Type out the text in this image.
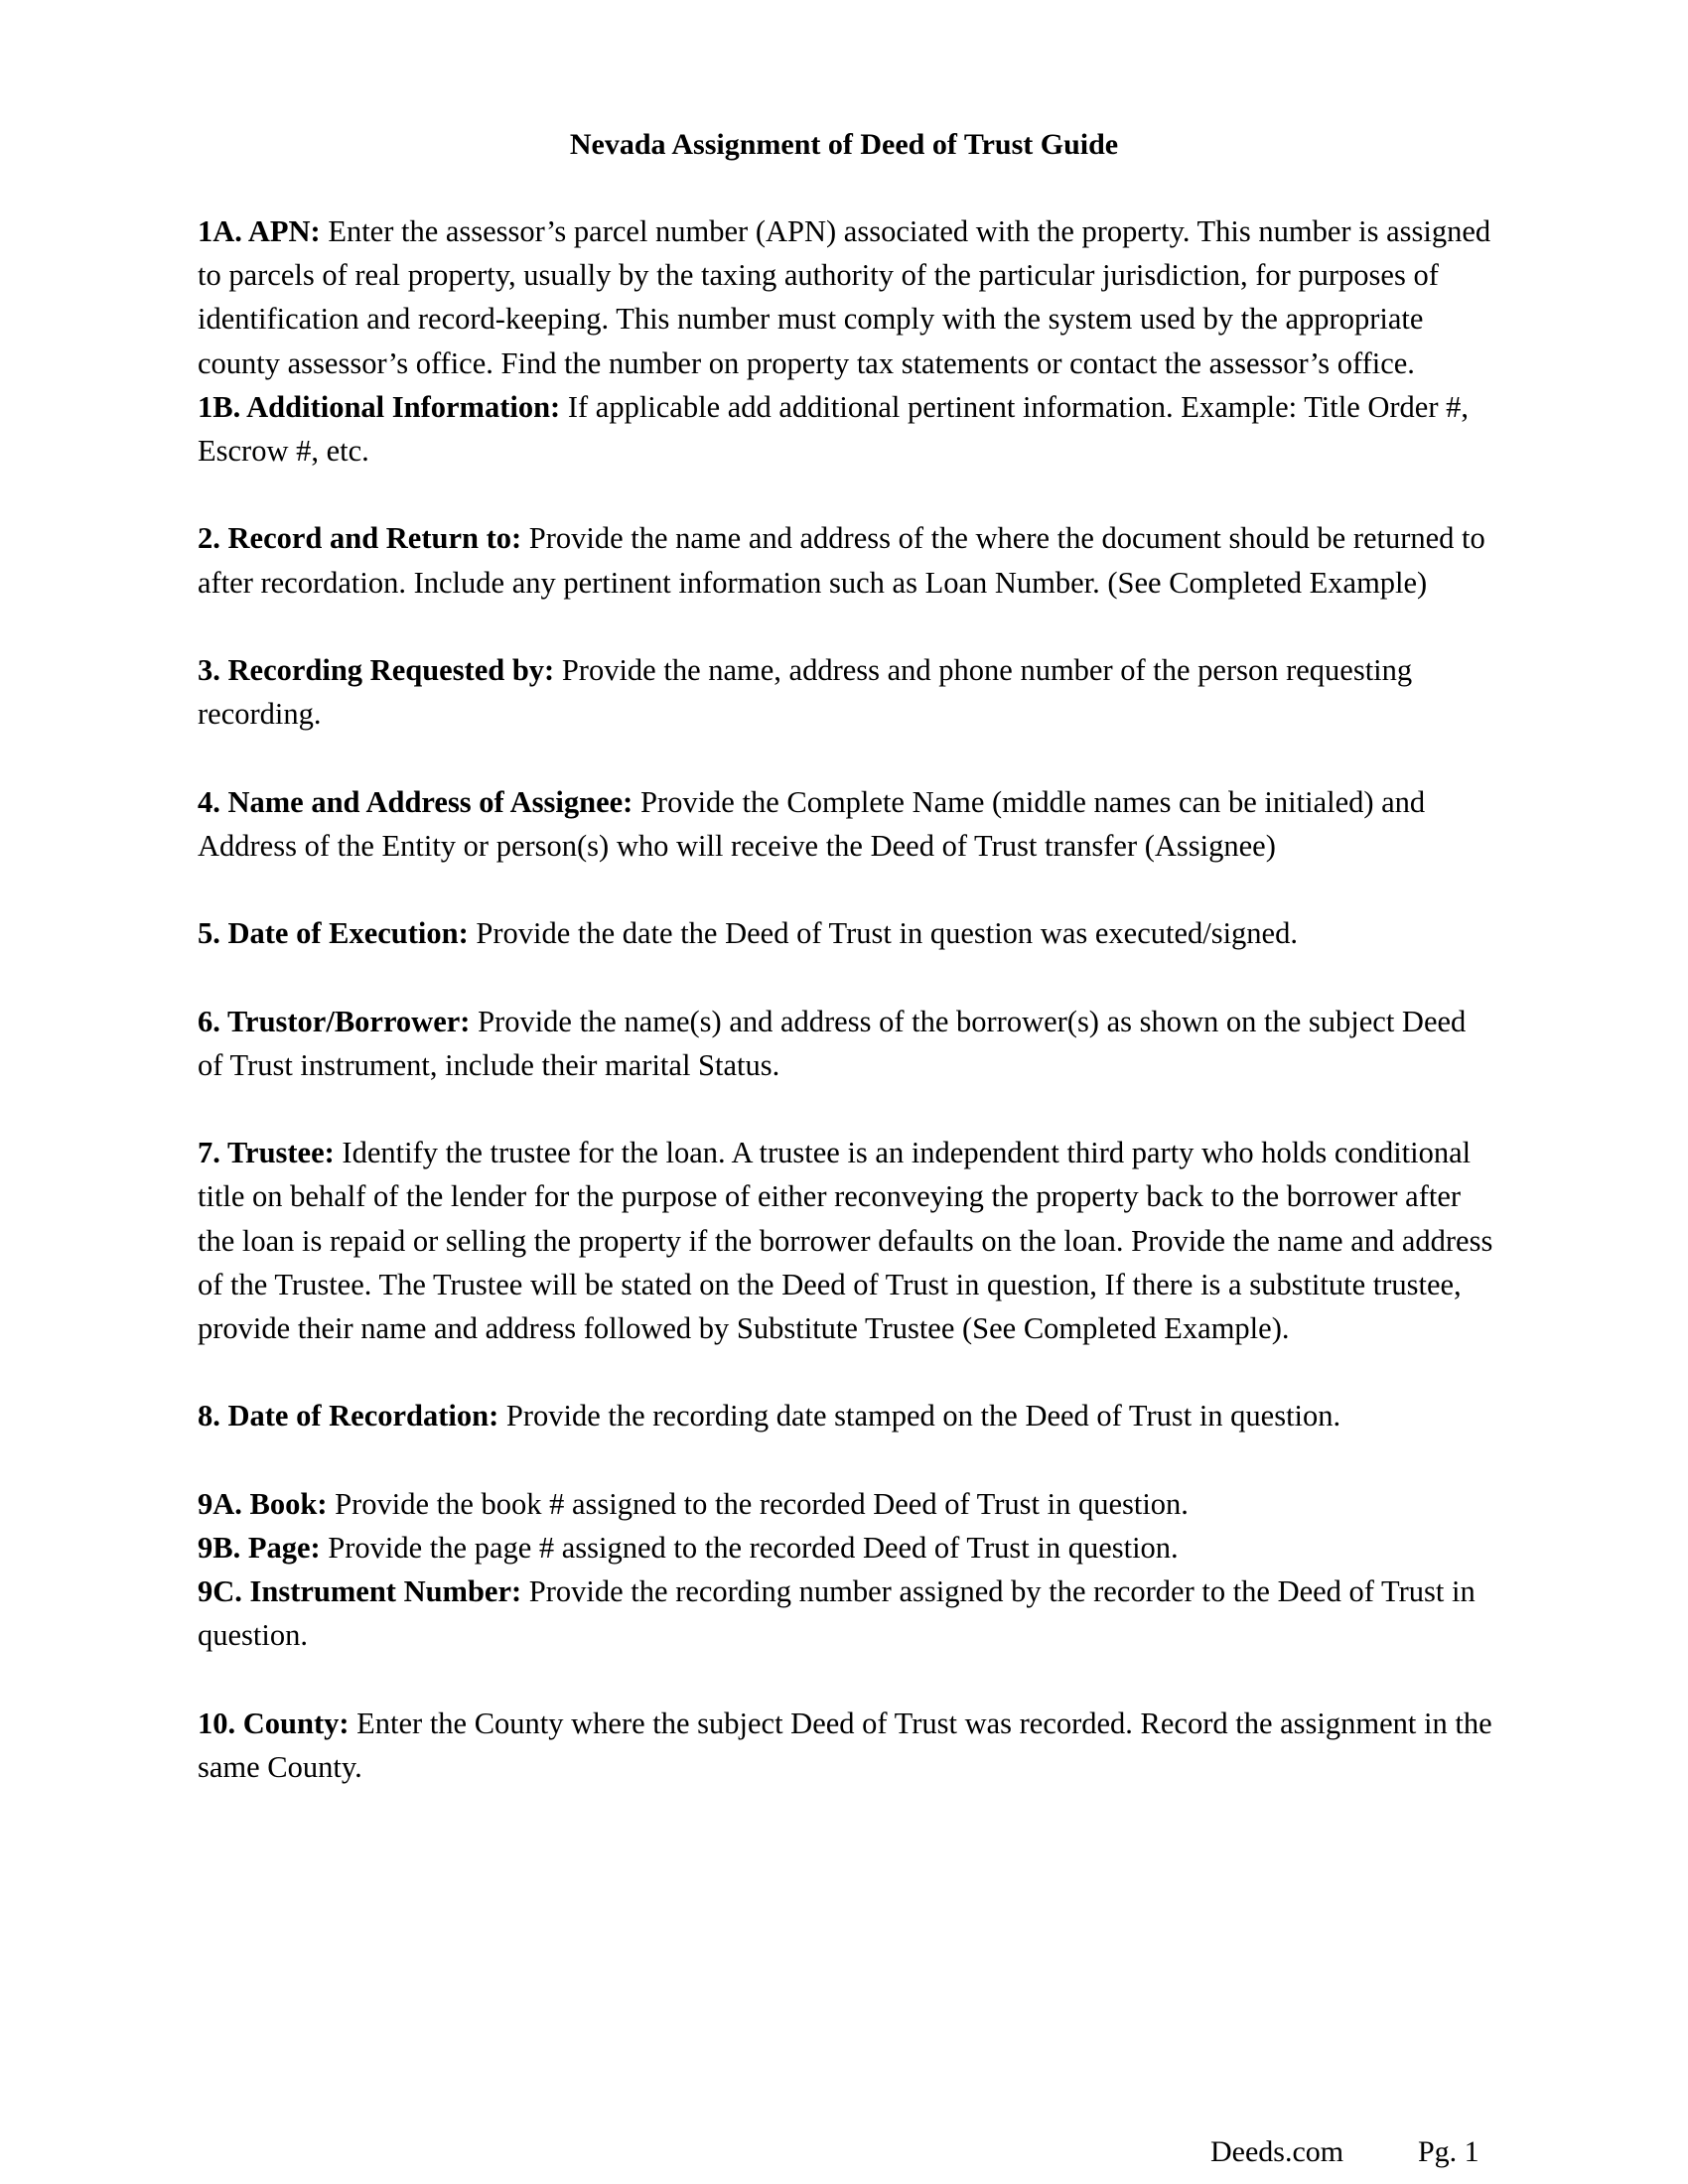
Nevada Assignment of Deed of Trust Guide

1A. APN: Enter the assessor’s parcel number (APN) associated with the property. This number is assigned to parcels of real property, usually by the taxing authority of the particular jurisdiction, for purposes of identification and record-keeping. This number must comply with the system used by the appropriate county assessor’s office. Find the number on property tax statements or contact the assessor’s office.

1B. Additional Information: If applicable add additional pertinent information. Example: Title Order #, Escrow #, etc.

2. Record and Return to: Provide the name and address of the where the document should be returned to after recordation. Include any pertinent information such as Loan Number. (See Completed Example)

3. Recording Requested by: Provide the name, address and phone number of the person requesting recording.

4. Name and Address of Assignee: Provide the Complete Name (middle names can be initialed) and Address of the Entity or person(s) who will receive the Deed of Trust transfer (Assignee)

5. Date of Execution: Provide the date the Deed of Trust in question was executed/signed.

6. Trustor/Borrower: Provide the name(s) and address of the borrower(s) as shown on the subject Deed of Trust instrument, include their marital Status.

7. Trustee: Identify the trustee for the loan. A trustee is an independent third party who holds conditional title on behalf of the lender for the purpose of either reconveying the property back to the borrower after the loan is repaid or selling the property if the borrower defaults on the loan. Provide the name and address of the Trustee. The Trustee will be stated on the Deed of Trust in question, If there is a substitute trustee, provide their name and address followed by Substitute Trustee (See Completed Example).

8. Date of Recordation: Provide the recording date stamped on the Deed of Trust in question.

9A. Book: Provide the book # assigned to the recorded Deed of Trust in question.

9B. Page: Provide the page # assigned to the recorded Deed of Trust in question.

9C. Instrument Number: Provide the recording number assigned by the recorder to the Deed of Trust in question.

10. County: Enter the County where the subject Deed of Trust was recorded. Record the assignment in the same County.

Deeds.com Pg. 1
